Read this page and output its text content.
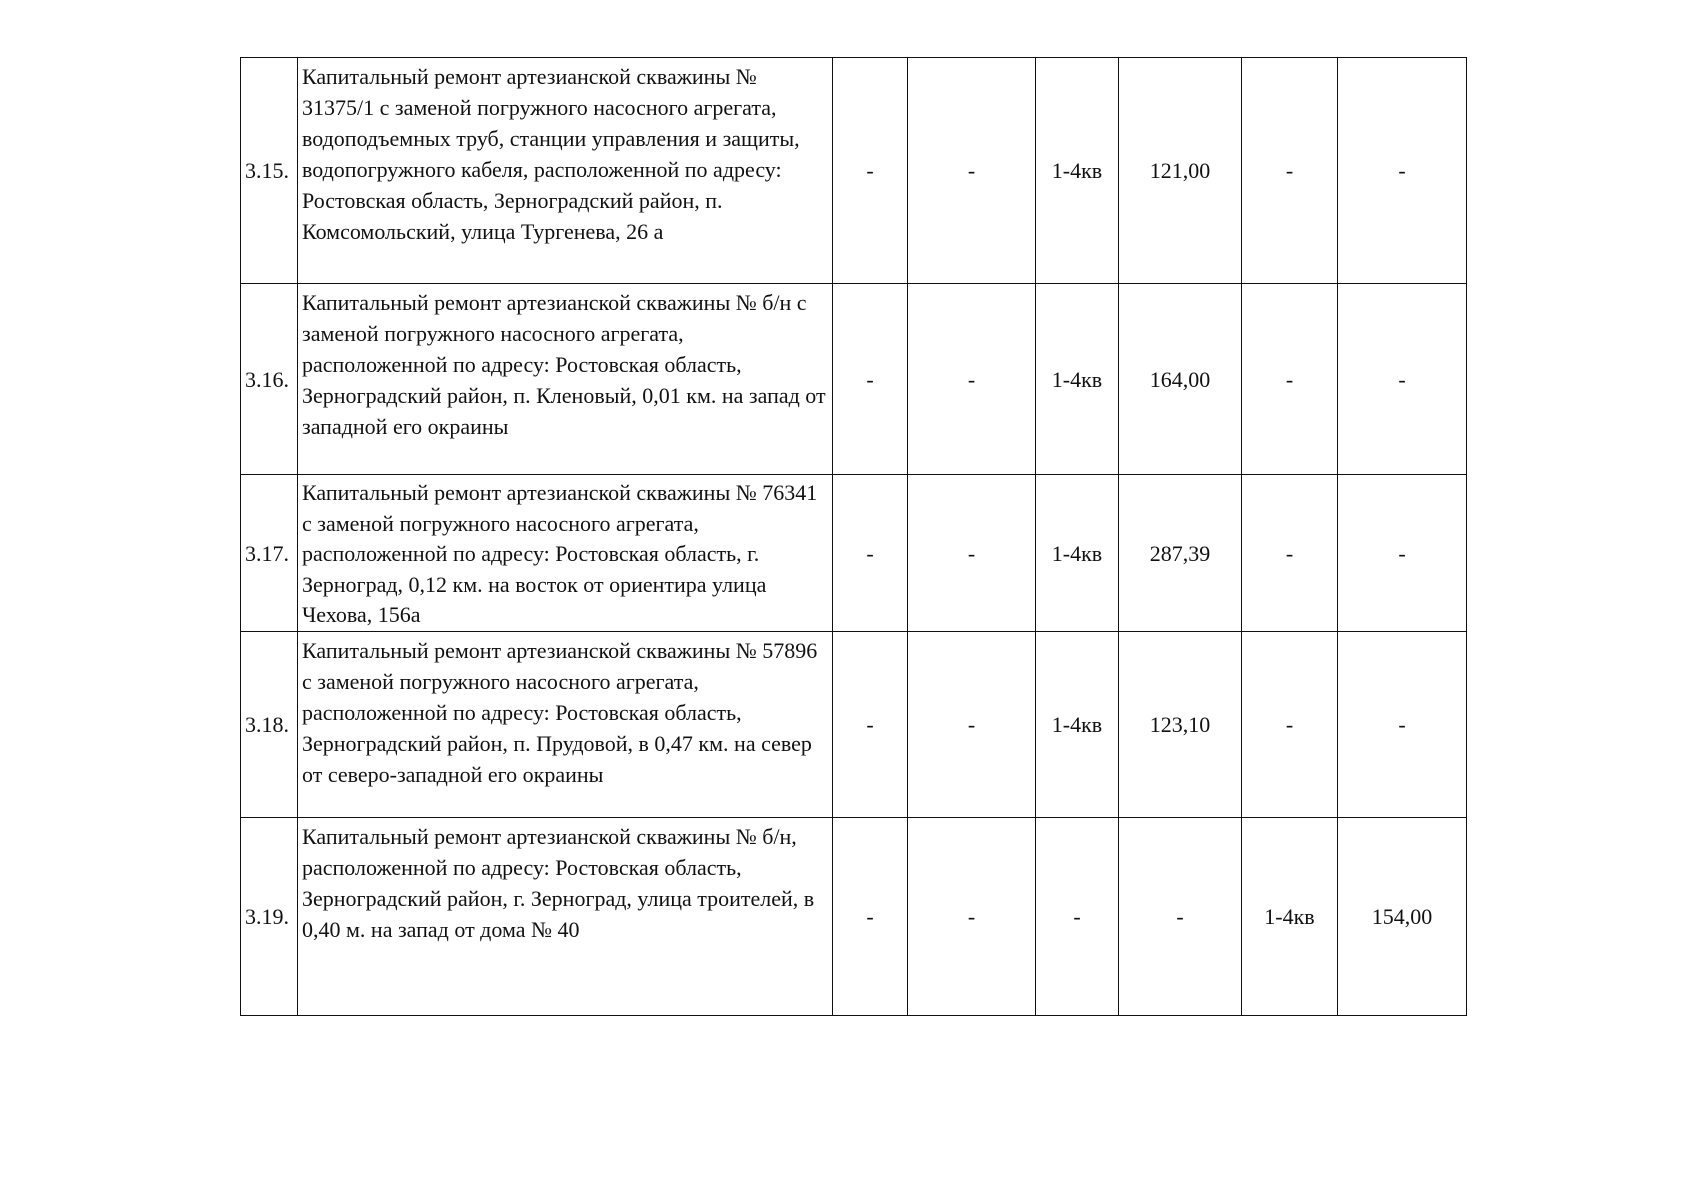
3.15.	Капитальный ремонт артезианской скважины № 31375/1 с заменой погружного насосного агрегата, водоподъемных труб, станции управления и защиты, водопогружного кабеля, расположенной по адресу: Ростовская область, Зерноградский район, п. Комсомольский, улица Тургенева, 26 а	-	-	1-4кв	121,00	-	-
3.16.	Капитальный ремонт артезианской скважины № б/н с заменой погружного насосного агрегата, расположенной по адресу: Ростовская область, Зерноградский район, п. Кленовый, 0,01 км. на запад от западной его окраины	-	-	1-4кв	164,00	-	-
3.17.	Капитальный ремонт артезианской скважины № 76341 с заменой погружного насосного агрегата, расположенной по адресу: Ростовская область, г. Зерноград, 0,12 км. на восток от ориентира улица Чехова, 156а	-	-	1-4кв	287,39	-	-
3.18.	Капитальный ремонт артезианской скважины № 57896 с заменой погружного насосного агрегата, расположенной по адресу: Ростовская область, Зерноградский район, п. Прудовой, в 0,47 км. на север от северо-западной его окраины	-	-	1-4кв	123,10	-	-
3.19.	Капитальный ремонт артезианской скважины № б/н, расположенной по адресу: Ростовская область, Зерноградский район, г. Зерноград, улица троителей, в 0,40 м. на запад от дома № 40	-	-	-	-	1-4кв	154,00
